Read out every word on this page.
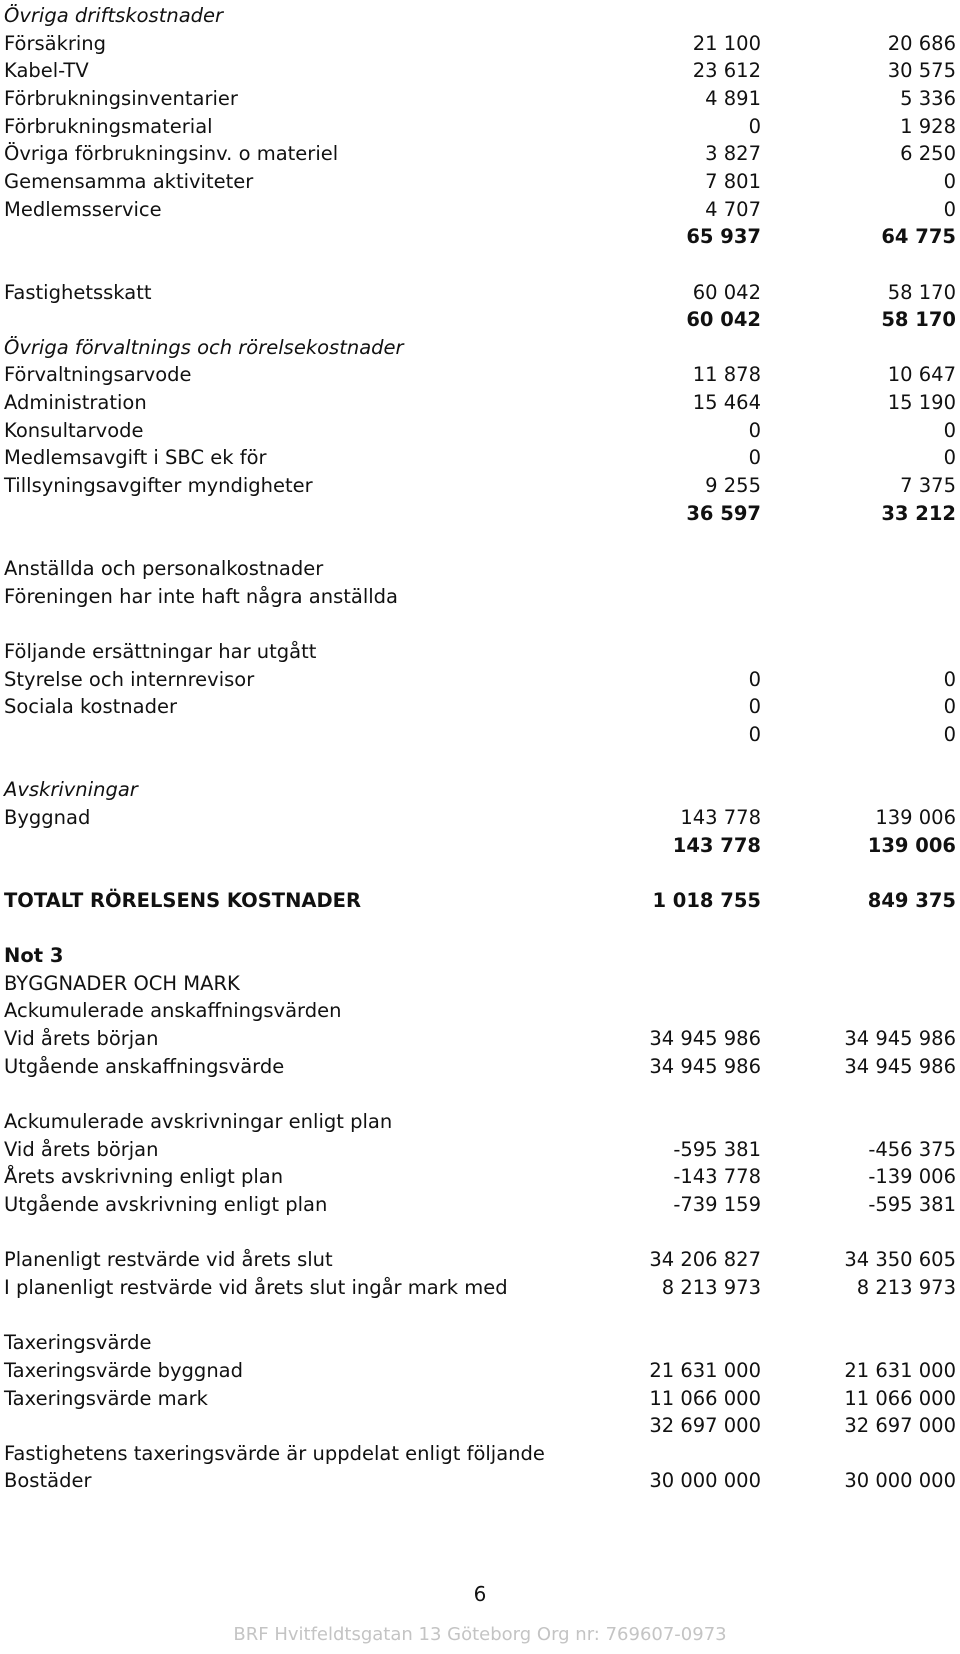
Övriga driftskostnader
Försäkring	21 100	20 686
Kabel-TV	23 612	30 575
Förbrukningsinventarier	4 891	5 336
Förbrukningsmaterial	0	1 928
Övriga förbrukningsinv. o materiel	3 827	6 250
Gemensamma aktiviteter	7 801	0
Medlemsservice	4 707	0
65 937	64 775
Fastighetsskatt	60 042	58 170
60 042	58 170
Övriga förvaltnings och rörelsekostnader
Förvaltningsarvode	11 878	10 647
Administration	15 464	15 190
Konsultarvode	0	0
Medlemsavgift i SBC ek för	0	0
Tillsyningsavgifter myndigheter	9 255	7 375
36 597	33 212
Anställda och personalkostnader
Föreningen har inte haft några anställda
Följande ersättningar har utgått
Styrelse och internrevisor	0	0
Sociala kostnader	0	0
0	0
Avskrivningar
Byggnad	143 778	139 006
143 778	139 006
TOTALT RÖRELSENS KOSTNADER	1 018 755	849 375
Not 3
BYGGNADER OCH MARK
Ackumulerade anskaffningsvärden
Vid årets början	34 945 986	34 945 986
Utgående anskaffningsvärde	34 945 986	34 945 986
Ackumulerade avskrivningar enligt plan
Vid årets början	-595 381	-456 375
Årets avskrivning enligt plan	-143 778	-139 006
Utgående avskrivning enligt plan	-739 159	-595 381
Planenligt restvärde vid årets slut	34 206 827	34 350 605
I planenligt restvärde vid årets slut ingår mark med	8 213 973	8 213 973
Taxeringsvärde
Taxeringsvärde byggnad	21 631 000	21 631 000
Taxeringsvärde mark	11 066 000	11 066 000
32 697 000	32 697 000
Fastighetens taxeringsvärde är uppdelat enligt följande
Bostäder	30 000 000	30 000 000
6
BRF Hvitfeldtsgatan 13 Göteborg Org nr: 769607-0973
